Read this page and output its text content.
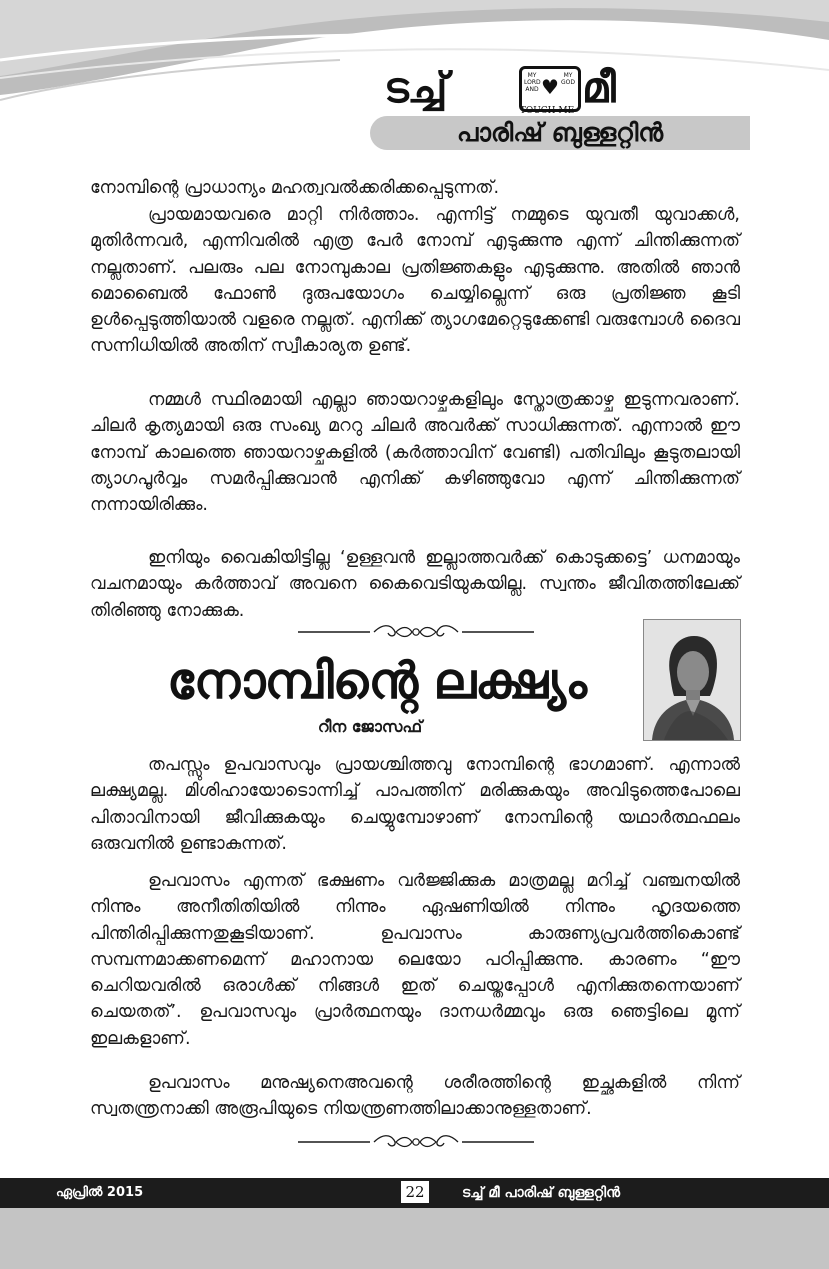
ടച്ച്	MY LORD AND ♥ MY GOD മീ
TOUCH ME
പാരിഷ് ബുള്ളറ്റിൻ

നോമ്പിന്റെ പ്രാധാന്യം മഹത്വവൽക്കരിക്കപ്പെടുന്നത്.

പ്രായമായവരെ മാറ്റി നിർത്താം. എന്നിട്ട് നമ്മുടെ യുവതീ യുവാക്കൾ, മുതിർന്നവർ, എന്നിവരിൽ എത്ര പേർ നോമ്പ് എടുക്കുന്നു എന്ന് ചിന്തിക്കുന്നത് നല്ലതാണ്. പലരും പല നോമ്പുകാല പ്രതിജ്ഞകളും എടുക്കുന്നു. അതിൽ ഞാൻ മൊബൈൽ ഫോൺ ദുരുപയോഗം ചെയ്യില്ലെന്ന് ഒരു പ്രതിജ്ഞ കൂടി ഉൾപ്പെടുത്തിയാൽ വളരെ നല്ലത്. എനിക്ക് ത്യാഗമേറ്റെടുക്കേണ്ടി വരുമ്പോൾ ദൈവ സന്നിധിയിൽ അതിന് സ്വീകാര്യത ഉണ്ട്.

നമ്മൾ സ്ഥിരമായി എല്ലാ ഞായറാഴ്ചകളിലും സ്തോത്രക്കാഴ്ച ഇടുന്നവരാണ്. ചിലർ കൃത്യമായി ഒരു സംഖ്യ മററു ചിലർ അവർക്ക് സാധിക്കുന്നത്. എന്നാൽ ഈ നോമ്പ് കാലത്തെ ഞായറാഴ്ചകളിൽ (കർത്താവിന് വേണ്ടി) പതിവിലും കൂടുതലായി ത്യാഗപൂർവ്വം സമർപ്പിക്കുവാൻ എനിക്ക് കഴിഞ്ഞുവോ എന്ന് ചിന്തിക്കുന്നത് നന്നായിരിക്കും.

ഇനിയും വൈകിയിട്ടില്ല ‘ഉള്ളവൻ ഇല്ലാത്തവർക്ക് കൊടുക്കട്ടെ’ ധനമായും വചനമായും കർത്താവ് അവനെ കൈവെടിയുകയില്ല. സ്വന്തം ജീവിതത്തിലേക്ക് തിരിഞ്ഞു നോക്കുക.

നോമ്പിന്റെ ലക്ഷ്യം
റീന ജോസഫ്

തപസ്സും ഉപവാസവും പ്രായശ്ചിത്തവു നോമ്പിന്റെ ഭാഗമാണ്. എന്നാൽ ലക്ഷ്യമല്ല. മിശിഹായോടൊന്നിച്ച് പാപത്തിന് മരിക്കുകയും അവിടുത്തെപോലെ പിതാവിനായി ജീവിക്കുകയും ചെയ്യുമ്പോഴാണ് നോമ്പിന്റെ യഥാർത്ഥഫലം ഒരുവനിൽ ഉണ്ടാകുന്നത്.

ഉപവാസം എന്നത് ഭക്ഷണം വർജ്ജിക്കുക മാത്രമല്ല മറിച്ച് വഞ്ചനയിൽ നിന്നും അനീതിതിയിൽ നിന്നും ഏഷണിയിൽ നിന്നും ഹൃദയത്തെ പിന്തിരിപ്പിക്കുന്നതുകൂടിയാണ്. ഉപവാസം കാരുണ്യപ്രവർത്തികൊണ്ട് സമ്പന്നമാക്കണമെന്ന് മഹാനായ ലെയോ പഠിപ്പിക്കുന്നു. കാരണം “ഈ ചെറിയവരിൽ ഒരാൾക്ക് നിങ്ങൾ ഇത് ചെയ്തപ്പോൾ എനിക്കുതന്നെയാണ് ചെയതത്’. ഉപവാസവും പ്രാർത്ഥനയും ദാനധർമ്മവും ഒരു ഞെട്ടിലെ മൂന്ന് ഇലകളാണ്.

ഉപവാസം മനുഷ്യനെഅവന്റെ ശരീരത്തിന്റെ ഇച്ഛകളിൽ നിന്ന് സ്വതന്ത്രനാക്കി അരൂപിയുടെ നിയന്ത്രണത്തിലാക്കാനുള്ളതാണ്.

ഏപ്രിൽ 2015	22	ടച്ച് മീ പാരിഷ് ബുള്ളറ്റിൻ
